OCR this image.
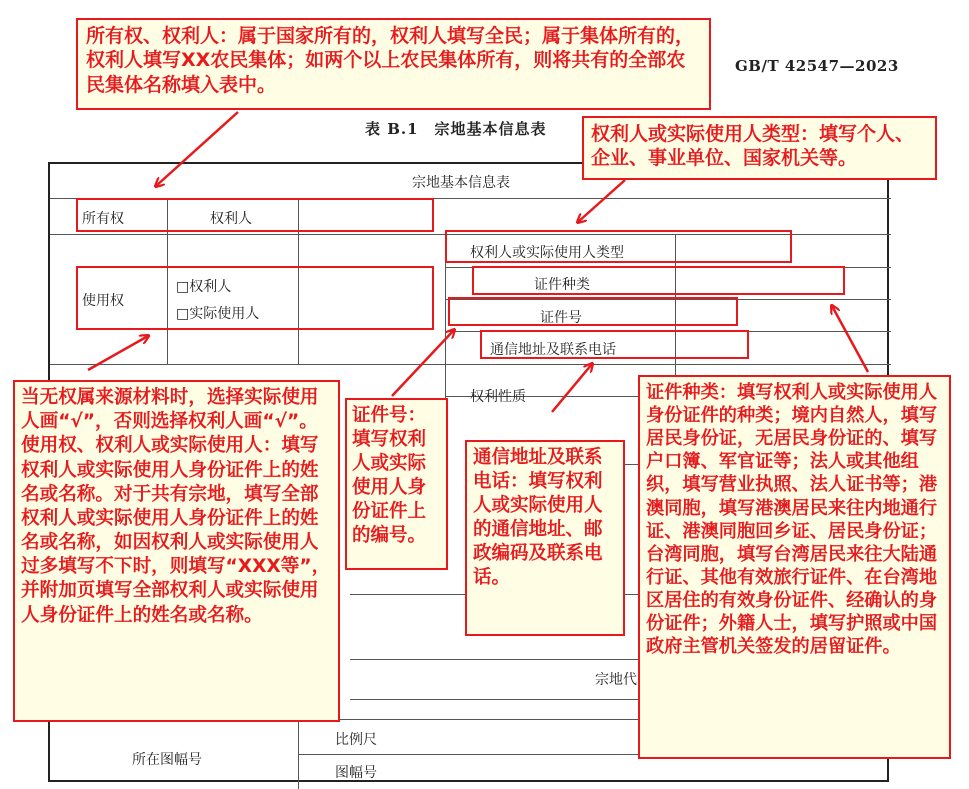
GB/T 42547—2023
表 B.1　宗地基本信息表
宗地基本信息表
所有权	权利人
使用权
□权利人
□实际使用人
权利人或实际使用人类型
证件种类
证件号
通信地址及联系电话
权利性质
宗地代
所在图幅号
比例尺
图幅号
所有权、权利人：属于国家所有的，权利人填写全民；属于集体所有的，权利人填写XX农民集体；如两个以上农民集体所有，则将共有的全部农民集体名称填入表中。
权利人或实际使用人类型：填写个人、企业、事业单位、国家机关等。
当无权属来源材料时，选择实际使用人画“√”，否则选择权利人画“√”。使用权、权利人或实际使用人：填写权利人或实际使用人身份证件上的姓名或名称。对于共有宗地，填写全部权利人或实际使用人身份证件上的姓名或名称，如因权利人或实际使用人过多填写不下时，则填写“XXX等”，并附加页填写全部权利人或实际使用人身份证件上的姓名或名称。
证件号：填写权利人或实际使用人身份证件上的编号。
通信地址及联系电话：填写权利人或实际使用人的通信地址、邮政编码及联系电话。
证件种类：填写权利人或实际使用人身份证件的种类；境内自然人，填写居民身份证，无居民身份证的、填写户口簿、军官证等；法人或其他组织，填写营业执照、法人证书等；港澳同胞，填写港澳居民来往内地通行证、港澳同胞回乡证、居民身份证；台湾同胞，填写台湾居民来往大陆通行证、其他有效旅行证件、在台湾地区居住的有效身份证件、经确认的身份证件；外籍人士，填写护照或中国政府主管机关签发的居留证件。
